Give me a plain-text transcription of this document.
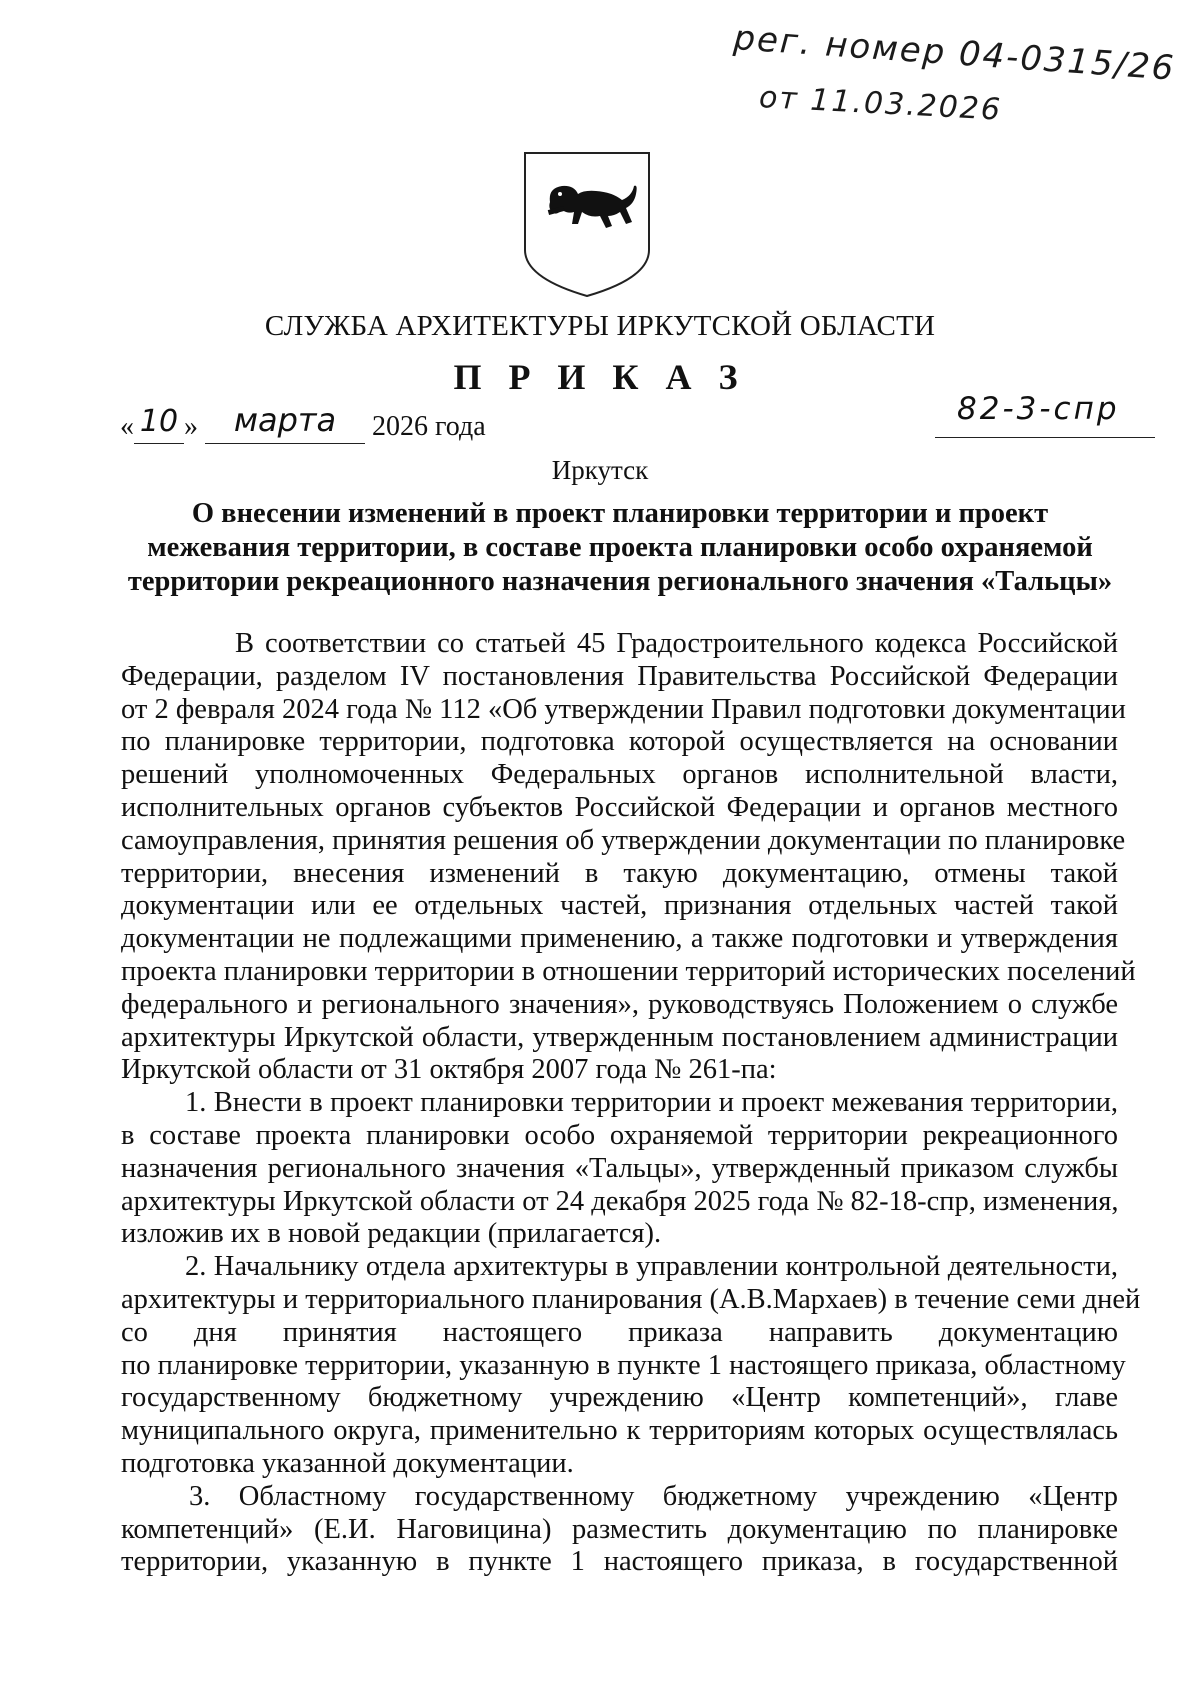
рег. номер 04-0315/26
от 11.03.2026
СЛУЖБА АРХИТЕКТУРЫ ИРКУТСКОЙ ОБЛАСТИ
П Р И К А З
« 10 » марта 2026 года	82-3-спр
Иркутск
О внесении изменений в проект планировки территории и проект
межевания территории, в составе проекта планировки особо охраняемой
территории рекреационного назначения регионального значения «Тальцы»
В соответствии со статьей 45 Градостроительного кодекса Российской
Федерации, разделом IV постановления Правительства Российской Федерации
от 2 февраля 2024 года № 112 «Об утверждении Правил подготовки документации
по планировке территории, подготовка которой осуществляется на основании
решений уполномоченных Федеральных органов исполнительной власти,
исполнительных органов субъектов Российской Федерации и органов местного
самоуправления, принятия решения об утверждении документации по планировке
территории, внесения изменений в такую документацию, отмены такой
документации или ее отдельных частей, признания отдельных частей такой
документации не подлежащими применению, а также подготовки и утверждения
проекта планировки территории в отношении территорий исторических поселений
федерального и регионального значения», руководствуясь Положением о службе
архитектуры Иркутской области, утвержденным постановлением администрации
Иркутской области от 31 октября 2007 года № 261-па:
1. Внести в проект планировки территории и проект межевания территории,
в составе проекта планировки особо охраняемой территории рекреационного
назначения регионального значения «Тальцы», утвержденный приказом службы
архитектуры Иркутской области от 24 декабря 2025 года № 82-18-спр, изменения,
изложив их в новой редакции (прилагается).
2. Начальнику отдела архитектуры в управлении контрольной деятельности,
архитектуры и территориального планирования (А.В.Мархаев) в течение семи дней
со дня принятия настоящего приказа направить документацию
по планировке территории, указанную в пункте 1 настоящего приказа, областному
государственному бюджетному учреждению «Центр компетенций», главе
муниципального округа, применительно к территориям которых осуществлялась
подготовка указанной документации.
3. Областному государственному бюджетному учреждению «Центр
компетенций» (Е.И. Наговицина) разместить документацию по планировке
территории, указанную в пункте 1 настоящего приказа, в государственной
